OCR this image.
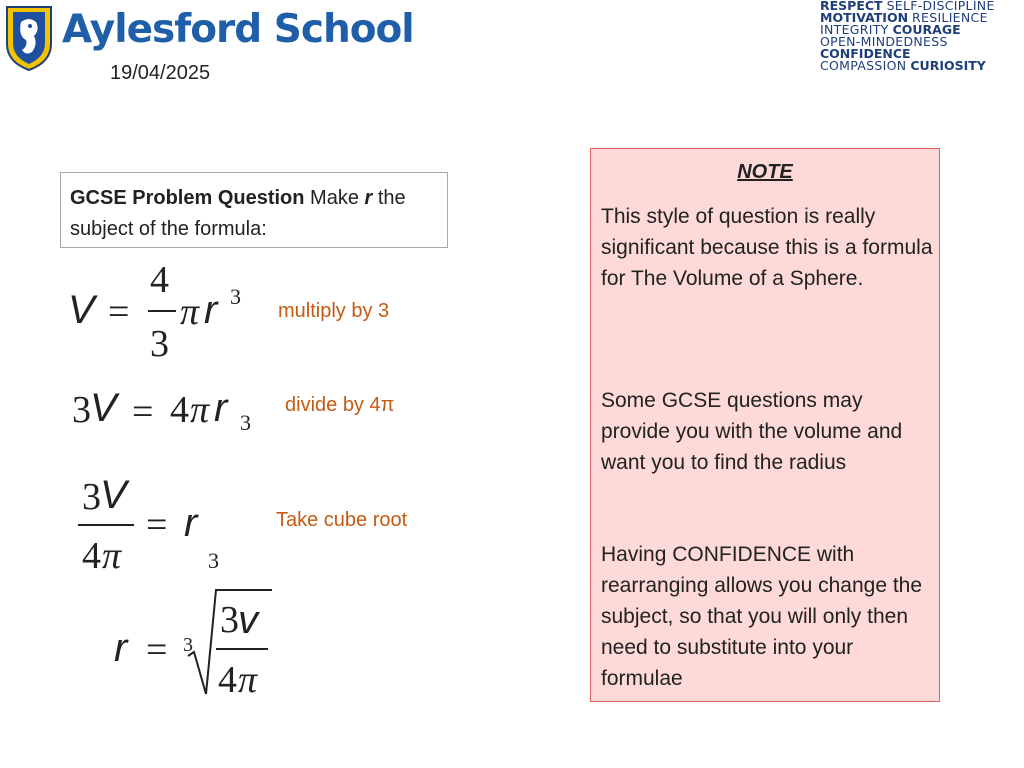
Aylesford School
19/04/2025
RESPECT SELF-DISCIPLINE
MOTIVATION RESILIENCE
INTEGRITY COURAGE
OPEN-MINDEDNESS
CONFIDENCE
COMPASSION CURIOSITY
GCSE Problem Question Make r the subject of the formula:
V =
4
3
π r 3
multiply by 3
3 V = 4 π r 3
divide by 4π
3 V
4 π
= r
3
Take cube root
r = 3
3 v
4 π
NOTE

This style of question is really significant because this is a formula for The Volume of a Sphere.

Some GCSE questions may provide you with the volume and want you to find the radius

Having CONFIDENCE with rearranging allows you change the subject, so that you will only then need to substitute into your formulae
